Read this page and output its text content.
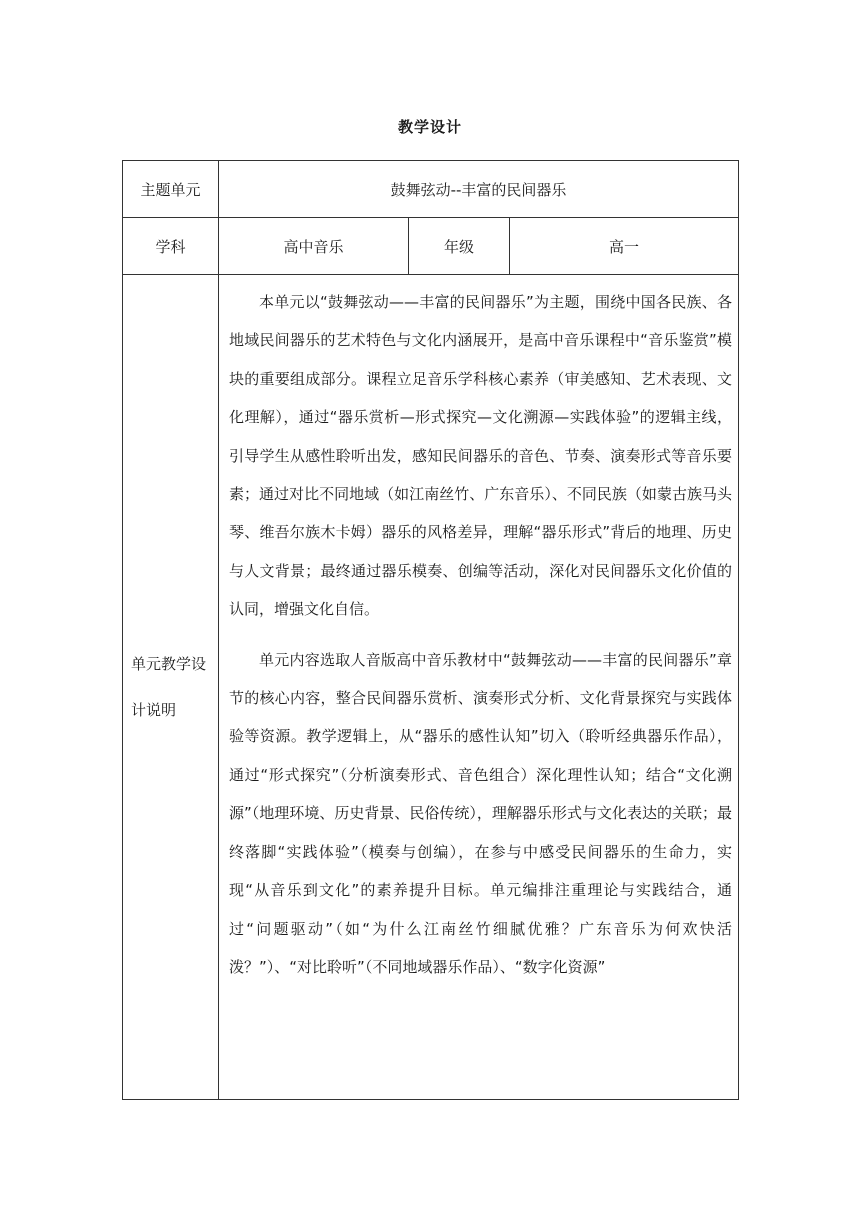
教学设计
主题单元	鼓舞弦动--丰富的民间器乐		
学科	高中音乐	年级	高一
单元教学设计说明	本单元以“鼓舞弦动——丰富的民间器乐”为主题，围绕中国各民族、各地域民间器乐的艺术特色与文化内涵展开，是高中音乐课程中“音乐鉴赏”模块的重要组成部分。课程立足音乐学科核心素养（审美感知、艺术表现、文化理解），通过“器乐赏析—形式探究—文化溯源—实践体验”的逻辑主线，引导学生从感性聆听出发，感知民间器乐的音色、节奏、演奏形式等音乐要素；通过对比不同地域（如江南丝竹、广东音乐）、不同民族（如蒙古族马头琴、维吾尔族木卡姆）器乐的风格差异，理解“器乐形式”背后的地理、历史与人文背景；最终通过器乐模奏、创编等活动，深化对民间器乐文化价值的认同，增强文化自信。

单元内容选取人音版高中音乐教材中“鼓舞弦动——丰富的民间器乐”章节的核心内容，整合民间器乐赏析、演奏形式分析、文化背景探究与实践体验等资源。教学逻辑上，从“器乐的感性认知”切入（聆听经典器乐作品），通过“形式探究”（分析演奏形式、音色组合）深化理性认知；结合“文化溯源”（地理环境、历史背景、民俗传统），理解器乐形式与文化表达的关联；最终落脚“实践体验”（模奏与创编），在参与中感受民间器乐的生命力，实现“从音乐到文化”的素养提升目标。单元编排注重理论与实践结合，通过“问题驱动”（如“为什么江南丝竹细腻优雅？广东音乐为何欢快活泼？”）、“对比聆听”（不同地域器乐作品）、“数字化资源”		
